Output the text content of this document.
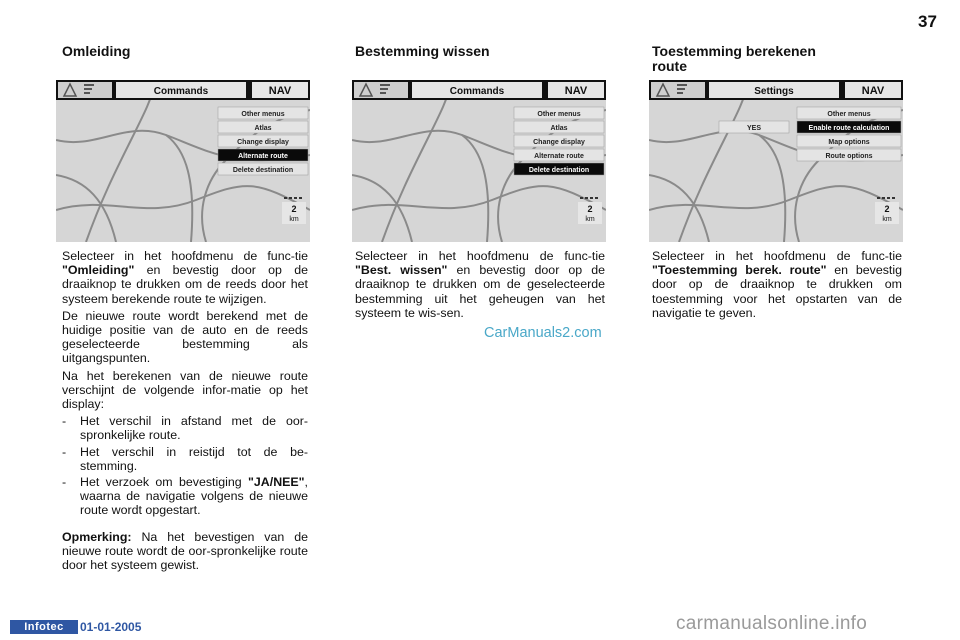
37
Omleiding
Commands	NAV
Other menus
Atlas
Change display
Alternate route
Delete destination
2
km

Selecteer in het hoofdmenu de func-tie "Omleiding" en bevestig door op de draaiknop te drukken om de reeds door het systeem berekende route te wijzigen.

De nieuwe route wordt berekend met de huidige positie van de auto en de reeds geselecteerde bestemming als uitgangspunten.

Na het berekenen van de nieuwe route verschijnt de volgende infor-matie op het display:

-	Het verschil in afstand met de oor-spronkelijke route.
-	Het verschil in reistijd tot de be-stemming.
-	Het verzoek om bevestiging "JA/NEE", waarna de navigatie volgens de nieuwe route wordt opgestart.

Opmerking: Na het bevestigen van de nieuwe route wordt de oor-spronkelijke route door het systeem gewist.

Bestemming wissen
Commands	NAV
Other menus
Atlas
Change display
Alternate route
Delete destination
2
km

Selecteer in het hoofdmenu de func-tie "Best. wissen" en bevestig door op de draaiknop te drukken om de geselecteerde bestemming uit het geheugen van het systeem te wis-sen.

CarManuals2.com
Toestemming berekenen
route
Settings	NAV
Other menus
Enable route calculation
Map options
Route options
YES
2
km

Selecteer in het hoofdmenu de func-tie "Toestemming berek. route" en bevestig door op de draaiknop te drukken om toestemming voor het opstarten van de navigatie te geven.

Infotec	01-01-2005	carmanualsonline.info
